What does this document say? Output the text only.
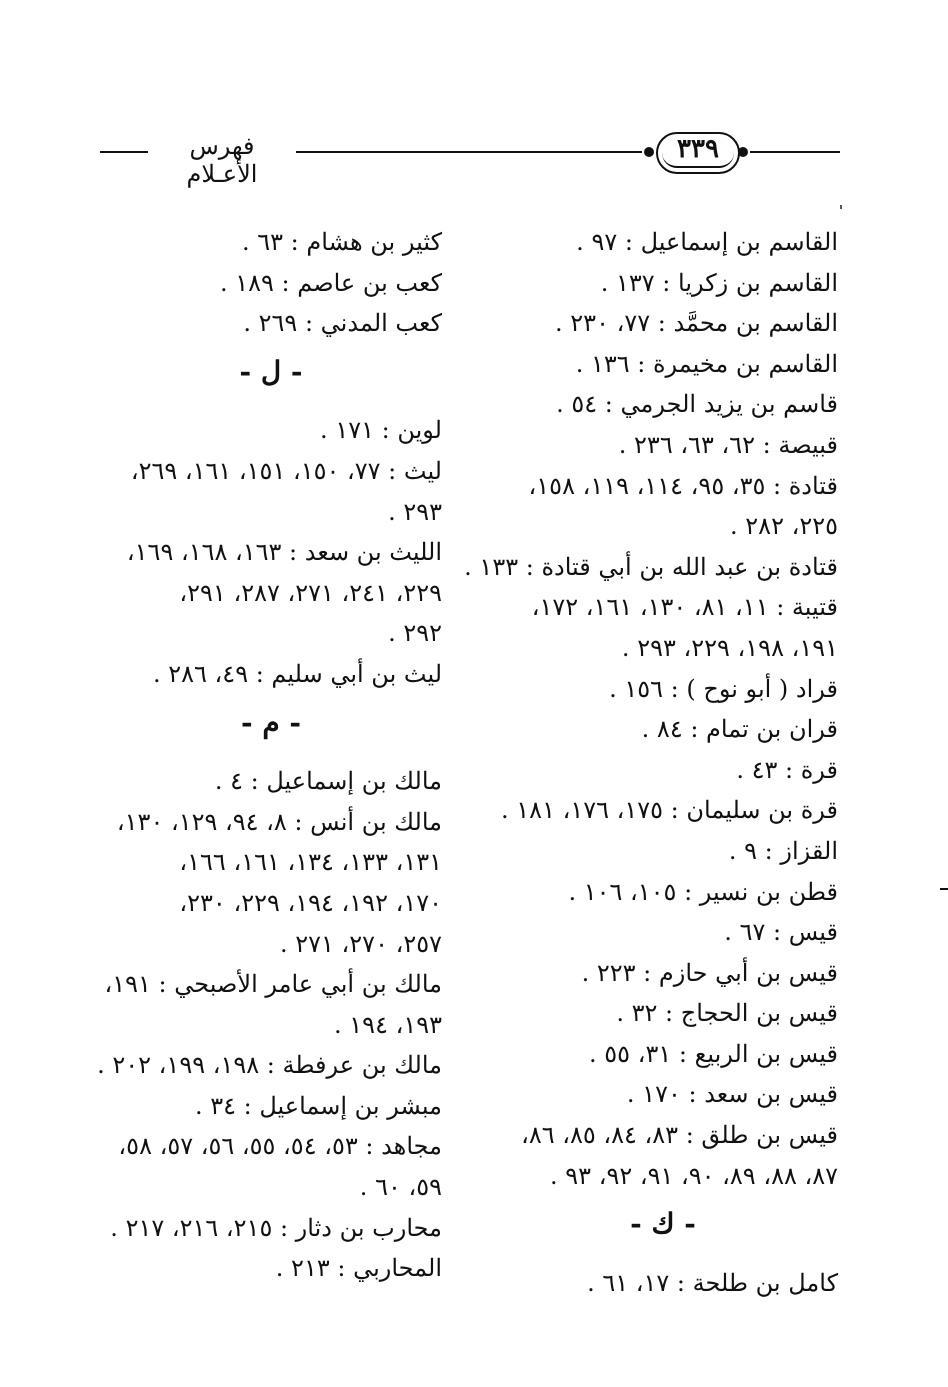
فهرس الأعـلام
٣٣٩
القاسم بن إسماعيل : ٩٧ .
القاسم بن زكريا : ١٣٧ .
القاسم بن محمَّد : ٧٧، ٢٣٠ .
القاسم بن مخيمرة : ١٣٦ .
قاسم بن يزيد الجرمي : ٥٤ .
قبيصة : ٦٢، ٦٣، ٢٣٦ .
قتادة : ٣٥، ٩٥، ١١٤، ١١٩، ١٥٨،
٢٢٥، ٢٨٢ .
قتادة بن عبد الله بن أبي قتادة : ١٣٣ .
قتيبة : ١١، ٨١، ١٣٠، ١٦١، ١٧٢،
١٩١، ١٩٨، ٢٢٩، ٢٩٣ .
قراد ( أبو نوح ) : ١٥٦ .
قران بن تمام : ٨٤ .
قرة : ٤٣ .
قرة بن سليمان : ١٧٥، ١٧٦، ١٨١ .
القزاز : ٩ .
قطن بن نسير : ١٠٥، ١٠٦ .
قيس : ٦٧ .
قيس بن أبي حازم : ٢٢٣ .
قيس بن الحجاج : ٣٢ .
قيس بن الربيع : ٣١، ٥٥ .
قيس بن سعد : ١٧٠ .
قيس بن طلق : ٨٣، ٨٤، ٨٥، ٨٦،
٨٧، ٨٨، ٨٩، ٩٠، ٩١، ٩٢، ٩٣ .
- ك -
كامل بن طلحة : ١٧، ٦١ .
كثير بن هشام : ٦٣ .
كعب بن عاصم : ١٨٩ .
كعب المدني : ٢٦٩ .
- ل -
لوين : ١٧١ .
ليث : ٧٧، ١٥٠، ١٥١، ١٦١، ٢٦٩،
٢٩٣ .
الليث بن سعد : ١٦٣، ١٦٨، ١٦٩،
٢٢٩، ٢٤١، ٢٧١، ٢٨٧، ٢٩١،
٢٩٢ .
ليث بن أبي سليم : ٤٩، ٢٨٦ .
- م -
مالك بن إسماعيل : ٤ .
مالك بن أنس : ٨، ٩٤، ١٢٩، ١٣٠،
١٣١، ١٣٣، ١٣٤، ١٦١، ١٦٦،
١٧٠، ١٩٢، ١٩٤، ٢٢٩، ٢٣٠،
٢٥٧، ٢٧٠، ٢٧١ .
مالك بن أبي عامر الأصبحي : ١٩١،
١٩٣، ١٩٤ .
مالك بن عرفطة : ١٩٨، ١٩٩، ٢٠٢ .
مبشر بن إسماعيل : ٣٤ .
مجاهد : ٥٣، ٥٤، ٥٥، ٥٦، ٥٧، ٥٨،
٥٩، ٦٠ .
محارب بن دثار : ٢١٥، ٢١٦، ٢١٧ .
المحاربي : ٢١٣ .
